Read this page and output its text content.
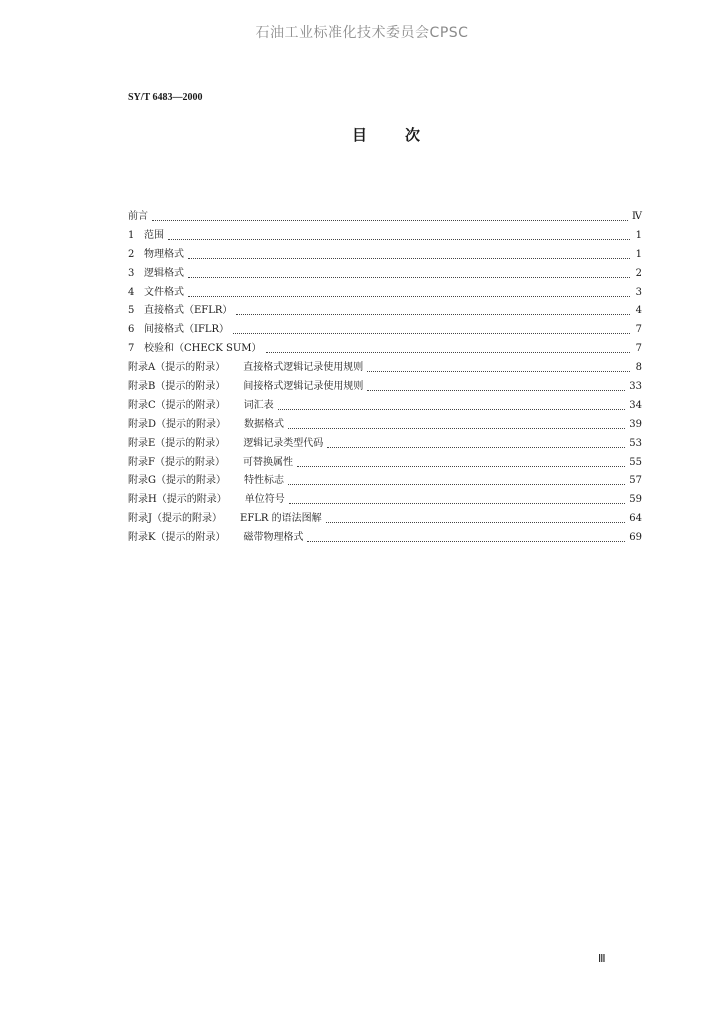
石油工业标准化技术委员会CPSC
SY/T 6483—2000
目次
前言	Ⅳ
1 范围	1
2 物理格式	1
3 逻辑格式	2
4 文件格式	3
5 直接格式（EFLR）	4
6 间接格式（IFLR）	7
7 校验和（CHECK SUM）	7
附录A（提示的附录）	直接格式逻辑记录使用规则	8
附录B（提示的附录）	间接格式逻辑记录使用规则	33
附录C（提示的附录）	词汇表	34
附录D（提示的附录）	数据格式	39
附录E（提示的附录）	逻辑记录类型代码	53
附录F（提示的附录）	可替换属性	55
附录G（提示的附录）	特性标志	57
附录H（提示的附录）	单位符号	59
附录J（提示的附录）	EFLR 的语法图解	64
附录K（提示的附录）	磁带物理格式	69
Ⅲ
